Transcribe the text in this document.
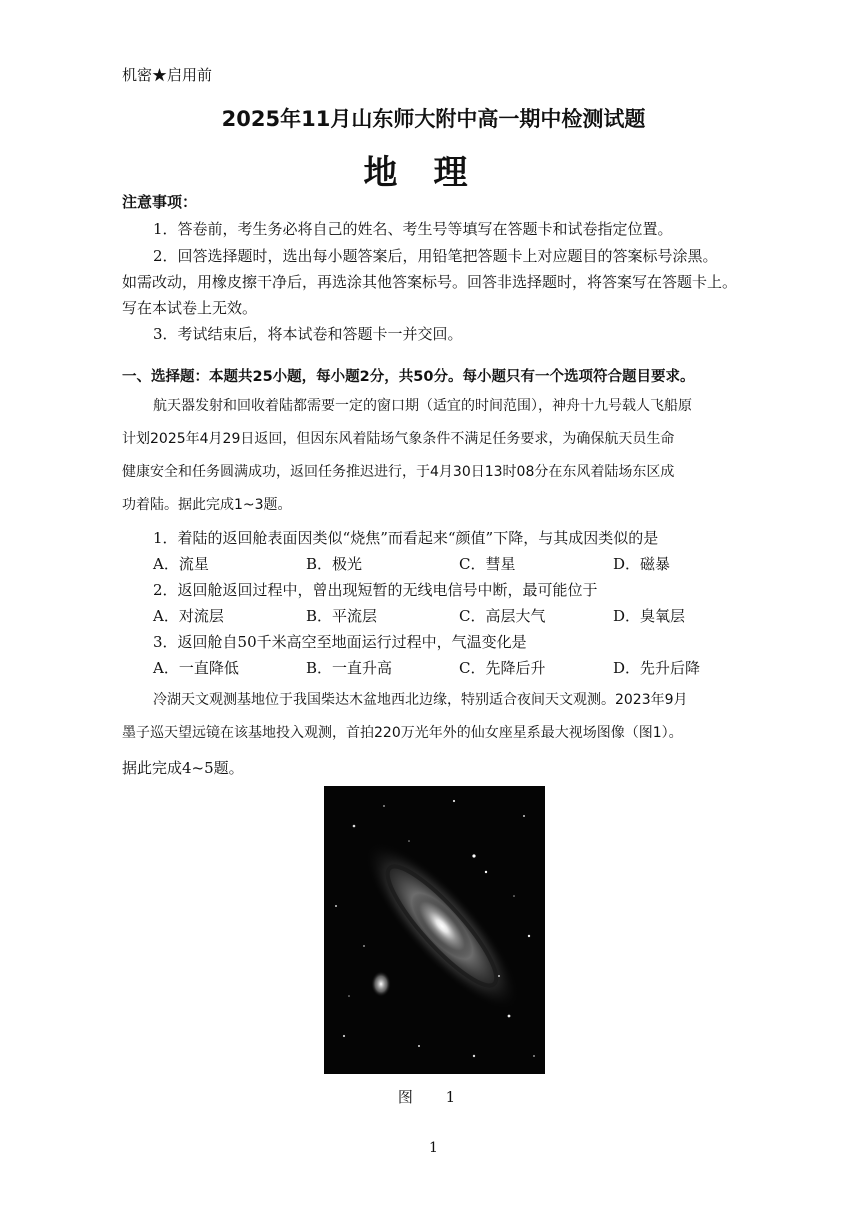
机密★启用前
2025年11月山东师大附中高一期中检测试题
地理
注意事项：
1．答卷前，考生务必将自己的姓名、考生号等填写在答题卡和试卷指定位置。
2．回答选择题时，选出每小题答案后，用铅笔把答题卡上对应题目的答案标号涂黑。
如需改动，用橡皮擦干净后，再选涂其他答案标号。回答非选择题时，将答案写在答题卡上。
写在本试卷上无效。
3．考试结束后，将本试卷和答题卡一并交回。
一、选择题：本题共25小题，每小题2分，共50分。每小题只有一个选项符合题目要求。
航天器发射和回收着陆都需要一定的窗口期（适宜的时间范围），神舟十九号载人飞船原
计划2025年4月29日返回，但因东风着陆场气象条件不满足任务要求，为确保航天员生命
健康安全和任务圆满成功，返回任务推迟进行，于4月30日13时08分在东风着陆场东区成
功着陆。据此完成1~3题。
1．着陆的返回舱表面因类似“烧焦”而看起来“颜值”下降，与其成因类似的是
A．流星	B．极光	C．彗星	D．磁暴
2．返回舱返回过程中，曾出现短暂的无线电信号中断，最可能位于
A．对流层	B．平流层	C．高层大气	D．臭氧层
3．返回舱自50千米高空至地面运行过程中，气温变化是
A．一直降低	B．一直升高	C．先降后升	D．先升后降
冷湖天文观测基地位于我国柴达木盆地西北边缘，特别适合夜间天文观测。2023年9月
墨子巡天望远镜在该基地投入观测，首拍220万光年外的仙女座星系最大视场图像（图1）。
据此完成4~5题。
图 1
1
